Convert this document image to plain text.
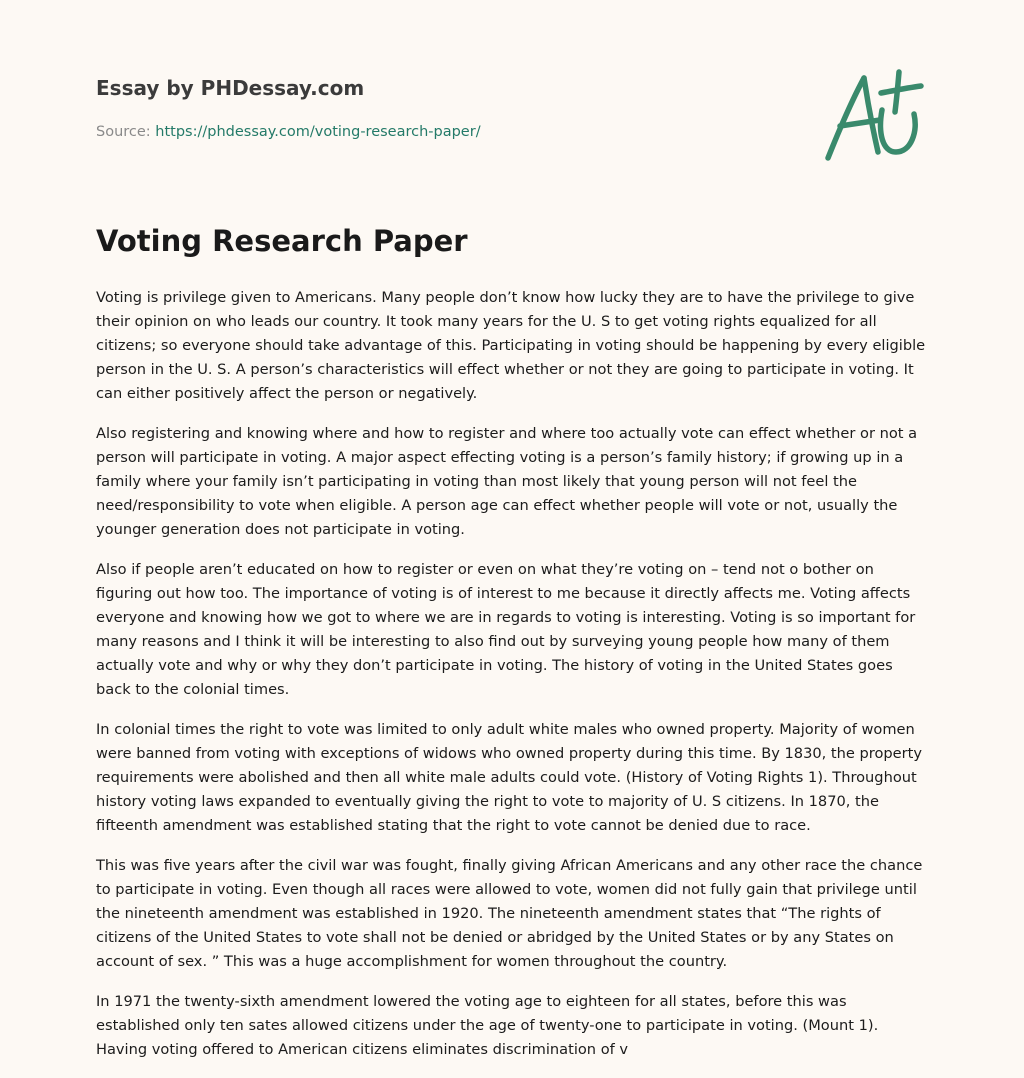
Essay by PHDessay.com
Source: https://phdessay.com/voting-research-paper/
Voting Research Paper

Voting is privilege given to Americans. Many people don’t know how lucky they are to have the privilege to give their opinion on who leads our country. It took many years for the U. S to get voting rights equalized for all citizens; so everyone should take advantage of this. Participating in voting should be happening by every eligible person in the U. S. A person’s characteristics will effect whether or not they are going to participate in voting. It can either positively affect the person or negatively.

Also registering and knowing where and how to register and where too actually vote can effect whether or not a person will participate in voting. A major aspect effecting voting is a person’s family history; if growing up in a family where your family isn’t participating in voting than most likely that young person will not feel the need/responsibility to vote when eligible. A person age can effect whether people will vote or not, usually the younger generation does not participate in voting.

Also if people aren’t educated on how to register or even on what they’re voting on – tend not o bother on figuring out how too. The importance of voting is of interest to me because it directly affects me. Voting affects everyone and knowing how we got to where we are in regards to voting is interesting. Voting is so important for many reasons and I think it will be interesting to also find out by surveying young people how many of them actually vote and why or why they don’t participate in voting. The history of voting in the United States goes back to the colonial times.

In colonial times the right to vote was limited to only adult white males who owned property. Majority of women were banned from voting with exceptions of widows who owned property during this time. By 1830, the property requirements were abolished and then all white male adults could vote. (History of Voting Rights 1). Throughout history voting laws expanded to eventually giving the right to vote to majority of U. S citizens. In 1870, the fifteenth amendment was established stating that the right to vote cannot be denied due to race.

This was five years after the civil war was fought, finally giving African Americans and any other race the chance to participate in voting. Even though all races were allowed to vote, women did not fully gain that privilege until the nineteenth amendment was established in 1920. The nineteenth amendment states that “The rights of citizens of the United States to vote shall not be denied or abridged by the United States or by any States on account of sex. ” This was a huge accomplishment for women throughout the country.

In 1971 the twenty-sixth amendment lowered the voting age to eighteen for all states, before this was established only ten sates allowed citizens under the age of twenty-one to participate in voting. (Mount 1). Having voting offered to American citizens eliminates discrimination of v
